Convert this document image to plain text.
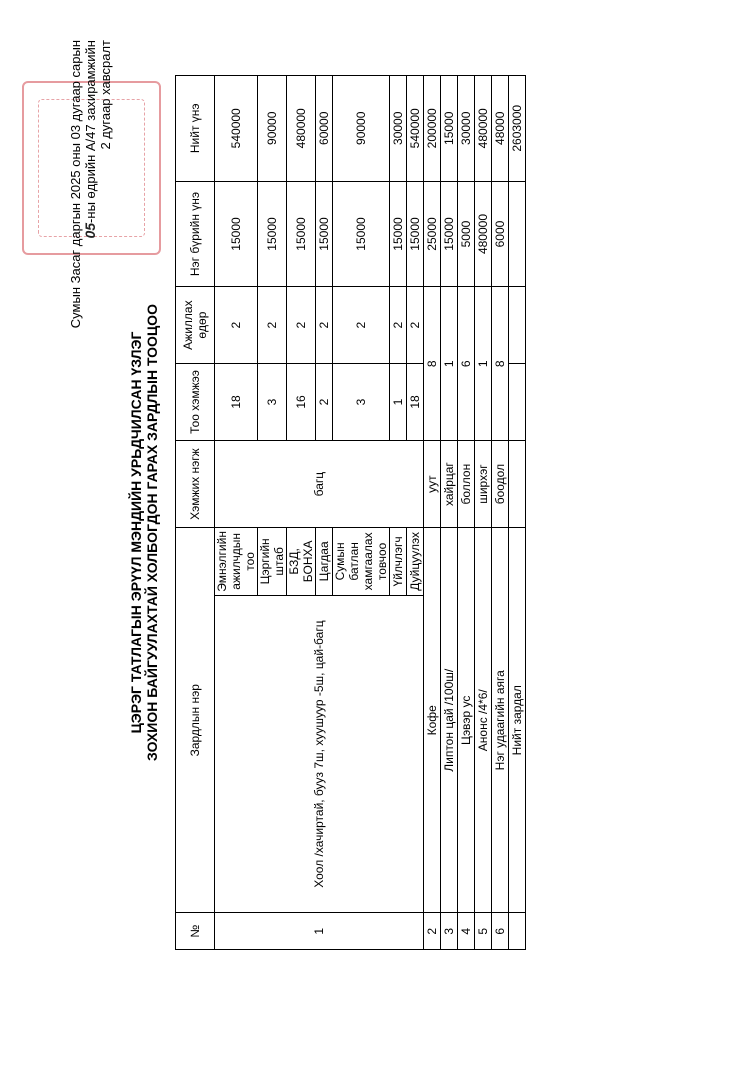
Сумын Засаг даргын 2025 оны 03 дугаар сарын 05-ны өдрийн А/47 захирамжийн 2 дугаар хавсралт
ЦЭРЭГ ТАТЛАГЫН ЭРҮҮЛ МЭНДИЙН УРЬДЧИЛСАН ҮЗЛЭГ ЗОХИОН БАЙГУУЛАХТАЙ ХОЛБОГДОН ГАРАХ ЗАРДЛЫН ТООЦОО
№	Зардлын нэр		Хэмжих нэгж	Тоо хэмжээ	Ажиллах өдөр	Нэг бүрийн үнэ	Нийт үнэ
1	Хоол /хачиртай, бууз 7ш, хуушуур -5ш, цай-багц	Эмнэлгийн ажилчдын тоо	багц	18	2	15000	540000
		Цэргийн штаб		3	2	15000	90000
		БЗД, БОНХА		16	2	15000	480000
		Цагдаа		2	2	15000	60000
		Сумын батлан хамгаалах товчоо		3	2	15000	90000
		Үйлчлэгч		1	2	15000	30000
		Дуйцуулэх		18	2	15000	540000
2	Кофе		уут	8		25000	200000
3	Липтон цай /100ш/		хайрцаг	1		15000	15000
4	Цэвэр ус		боллон	6		5000	30000
5	Анонс /4*6/		ширхэг	1		480000	480000
6	Нэг удаагийн аяга		боодол	8		6000	48000
	Нийт зардал						2603000
